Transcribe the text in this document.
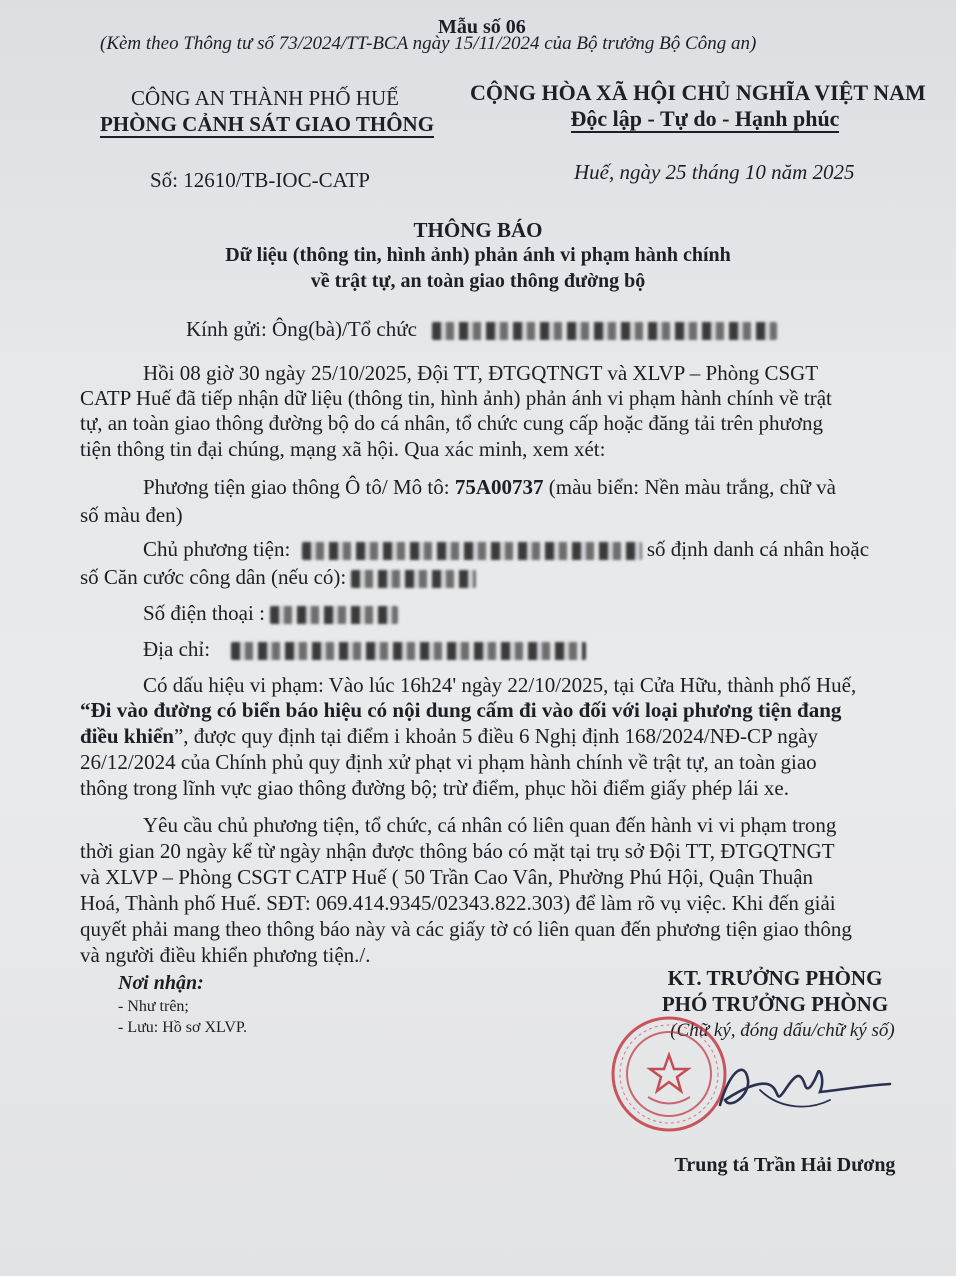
Mẫu số 06
(Kèm theo Thông tư số 73/2024/TT-BCA ngày 15/11/2024 của Bộ trưởng Bộ Công an)
CÔNG AN THÀNH PHỐ HUẾ
PHÒNG CẢNH SÁT GIAO THÔNG
Số: 12610/TB-IOC-CATP
CỘNG HÒA XÃ HỘI CHỦ NGHĨA VIỆT NAM
Độc lập - Tự do - Hạnh phúc
Huế, ngày 25 tháng 10 năm 2025
THÔNG BÁO
Dữ liệu (thông tin, hình ảnh) phản ánh vi phạm hành chính
về trật tự, an toàn giao thông đường bộ
Kính gửi: Ông(bà)/Tổ chức
Hồi 08 giờ 30 ngày 25/10/2025, Đội TT, ĐTGQTNGT và XLVP – Phòng CSGT
CATP Huế đã tiếp nhận dữ liệu (thông tin, hình ảnh) phản ánh vi phạm hành chính về trật
tự, an toàn giao thông đường bộ do cá nhân, tổ chức cung cấp hoặc đăng tải trên phương
tiện thông tin đại chúng, mạng xã hội. Qua xác minh, xem xét:
Phương tiện giao thông Ô tô/ Mô tô: 75A00737 (màu biển: Nền màu trắng, chữ và
số màu đen)
Chủ phương tiện:	số định danh cá nhân hoặc
số Căn cước công dân (nếu có):
Số điện thoại :
Địa chỉ:
Có dấu hiệu vi phạm: Vào lúc 16h24' ngày 22/10/2025, tại Cửa Hữu, thành phố Huế,
“Đi vào đường có biển báo hiệu có nội dung cấm đi vào đối với loại phương tiện đang
điều khiển”, được quy định tại điểm i khoản 5 điều 6 Nghị định 168/2024/NĐ-CP ngày
26/12/2024 của Chính phủ quy định xử phạt vi phạm hành chính về trật tự, an toàn giao
thông trong lĩnh vực giao thông đường bộ; trừ điểm, phục hồi điểm giấy phép lái xe.
Yêu cầu chủ phương tiện, tổ chức, cá nhân có liên quan đến hành vi vi phạm trong
thời gian 20 ngày kể từ ngày nhận được thông báo có mặt tại trụ sở Đội TT, ĐTGQTNGT
và XLVP – Phòng CSGT CATP Huế ( 50 Trần Cao Vân, Phường Phú Hội, Quận Thuận
Hoá, Thành phố Huế. SĐT: 069.414.9345/02343.822.303) để làm rõ vụ việc. Khi đến giải
quyết phải mang theo thông báo này và các giấy tờ có liên quan đến phương tiện giao thông
và người điều khiển phương tiện./.
Nơi nhận:
- Như trên;
- Lưu: Hồ sơ XLVP.
KT. TRƯỞNG PHÒNG
PHÓ TRƯỞNG PHÒNG
(Chữ ký, đóng dấu/chữ ký số)
Trung tá Trần Hải Dương
